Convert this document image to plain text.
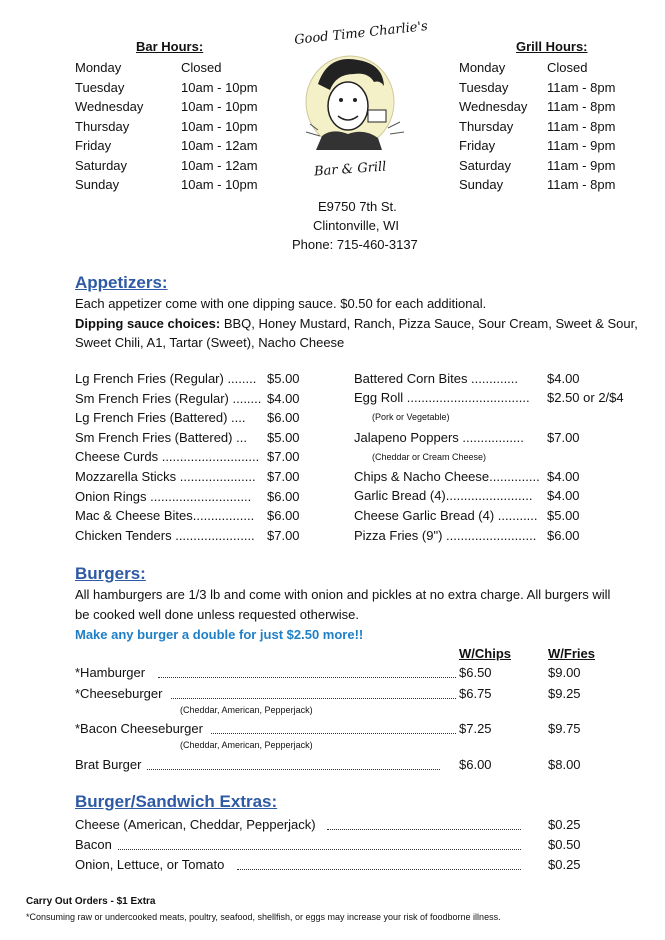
Good Time Charlie's
Bar & Grill
Bar Hours:
Monday	Closed
Tuesday	10am - 10pm
Wednesday	10am - 10pm
Thursday	10am - 10pm
Friday	10am - 12am
Saturday	10am - 12am
Sunday	10am - 10pm
Grill Hours:
Monday	Closed
Tuesday	11am - 8pm
Wednesday 11am - 8pm
Thursday	11am - 8pm
Friday	11am - 9pm
Saturday	11am - 9pm
Sunday	11am - 8pm
E9750 7th St.
Clintonville, WI
Phone: 715-460-3137
Appetizers:
Each appetizer come with one dipping sauce. $0.50 for each additional.
Dipping sauce choices: BBQ, Honey Mustard, Ranch, Pizza Sauce, Sour Cream, Sweet & Sour,
Sweet Chili, A1, Tartar (Sweet), Nacho Cheese
Lg French Fries (Regular) ........ $5.00
Sm French Fries (Regular) ........ $4.00
Lg French Fries (Battered) .... $6.00
Sm French Fries (Battered) ... $5.00
Cheese Curds ........................... $7.00
Mozzarella Sticks ..................... $7.00
Onion Rings ............................ $6.00
Mac & Cheese Bites................. $6.00
Chicken Tenders ...................... $7.00
Battered Corn Bites ............. $4.00
Egg Roll .................................. $2.50 or 2/$4
(Pork or Vegetable)
Jalapeno Poppers ................. $7.00
(Cheddar or Cream Cheese)
Chips & Nacho Cheese.............. $4.00
Garlic Bread (4)........................ $4.00
Cheese Garlic Bread (4) ........... $5.00
Pizza Fries (9") ......................... $6.00
Burgers:
All hamburgers are 1/3 lb and come with onion and pickles at no extra charge. All burgers will
be cooked well done unless requested otherwise.
Make any burger a double for just $2.50 more!!
W/Chips	W/Fries
*Hamburger	$6.50	$9.00
*Cheeseburger	$6.75	$9.25
(Cheddar, American, Pepperjack)
*Bacon Cheeseburger	$7.25	$9.75
(Cheddar, American, Pepperjack)
Brat Burger	$6.00	$8.00
Burger/Sandwich Extras:
Cheese (American, Cheddar, Pepperjack)	$0.25
Bacon	$0.50
Onion, Lettuce, or Tomato	$0.25
Carry Out Orders - $1 Extra
*Consuming raw or undercooked meats, poultry, seafood, shellfish, or eggs may increase your risk of foodborne illness.
